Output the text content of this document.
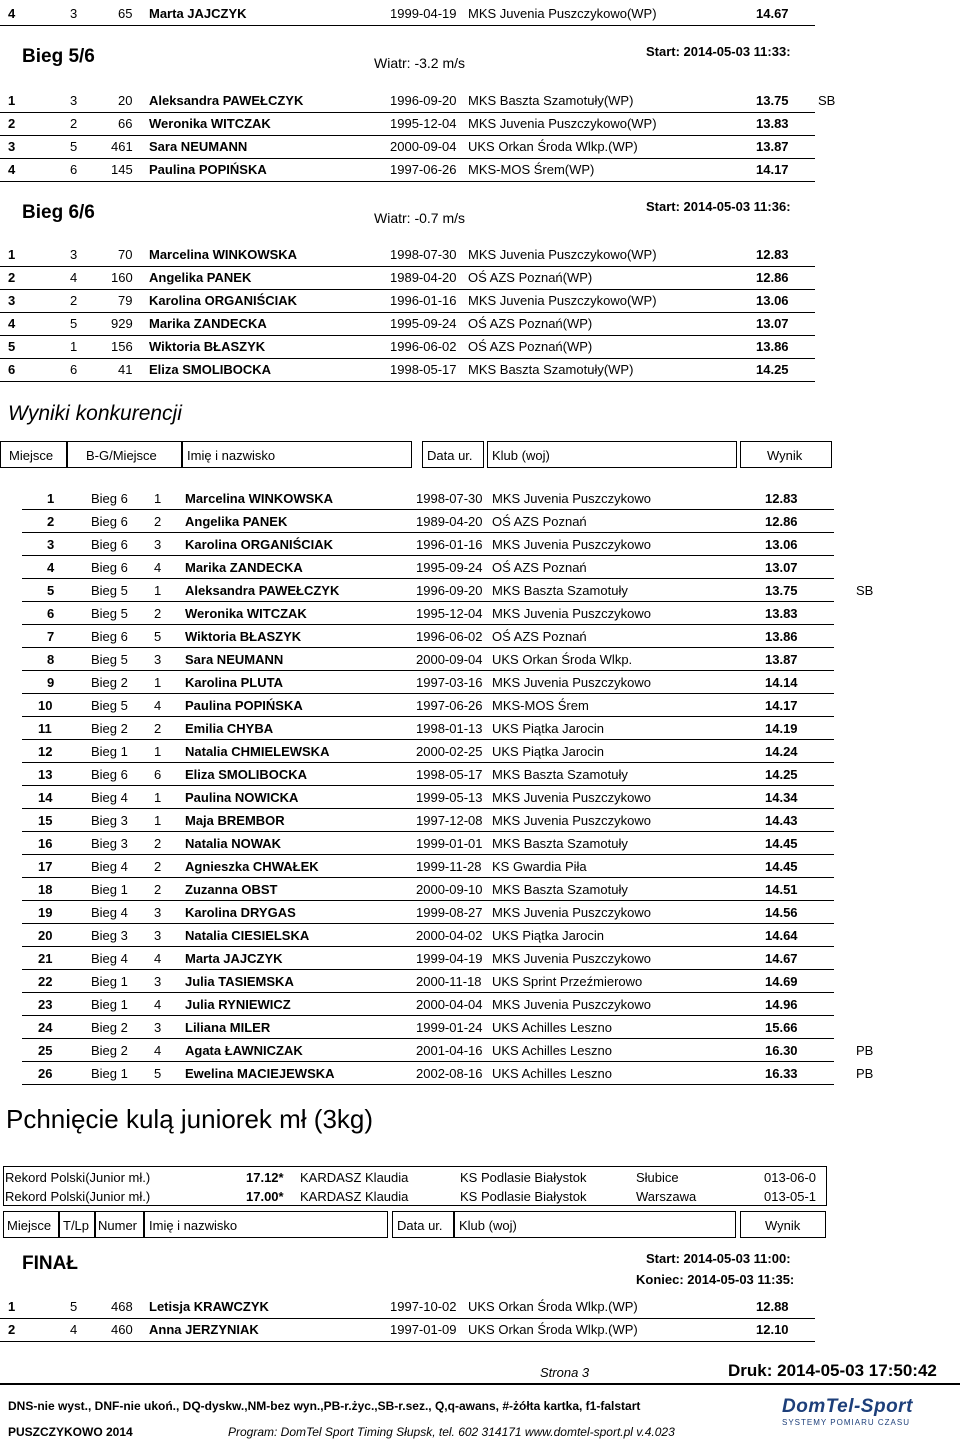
4	3	65 Marta JAJCZYK	1999-04-19 MKS Juvenia Puszczykowo(WP)	14.67
Bieg 5/6	Wiatr: -3.2 m/s
Start: 2014-05-03 11:33:
1	3	20 Aleksandra PAWEŁCZYK	1996-09-20 MKS Baszta Szamotuły(WP)	13.75 SB
2	2	66 Weronika WITCZAK	1995-12-04 MKS Juvenia Puszczykowo(WP)	13.83
3	5	461 Sara NEUMANN	2000-09-04 UKS Orkan Środa Wlkp.(WP)	13.87
4	6	145 Paulina POPIŃSKA	1997-06-26 MKS-MOS Śrem(WP)	14.17
Bieg 6/6	Wiatr: -0.7 m/s
Start: 2014-05-03 11:36:
1	3	70 Marcelina WINKOWSKA	1998-07-30 MKS Juvenia Puszczykowo(WP)	12.83
2	4	160 Angelika PANEK	1989-04-20 OŚ AZS Poznań(WP)	12.86
3	2	79 Karolina ORGANIŚCIAK	1996-01-16 MKS Juvenia Puszczykowo(WP)	13.06
4	5	929 Marika ZANDECKA	1995-09-24 OŚ AZS Poznań(WP)	13.07
5	1	156 Wiktoria BŁASZYK	1996-06-02 OŚ AZS Poznań(WP)	13.86
6	6	41 Eliza SMOLIBOCKA	1998-05-17 MKS Baszta Szamotuły(WP)	14.25
Wyniki konkurencji
Miejsce	B-G/Miejsce Imię i nazwisko	Data ur. Klub (woj)	Wynik
1	Bieg 6 1 Marcelina WINKOWSKA	1998-07-30 MKS Juvenia Puszczykowo	12.83
2	Bieg 6 2 Angelika PANEK	1989-04-20 OŚ AZS Poznań	12.86
3	Bieg 6 3 Karolina ORGANIŚCIAK	1996-01-16 MKS Juvenia Puszczykowo	13.06
4	Bieg 6 4 Marika ZANDECKA	1995-09-24 OŚ AZS Poznań	13.07
5	Bieg 5 1 Aleksandra PAWEŁCZYK	1996-09-20 MKS Baszta Szamotuły	13.75	SB
6	Bieg 5 2 Weronika WITCZAK	1995-12-04 MKS Juvenia Puszczykowo	13.83
7	Bieg 6 5 Wiktoria BŁASZYK	1996-06-02 OŚ AZS Poznań	13.86
8	Bieg 5 3 Sara NEUMANN	2000-09-04 UKS Orkan Środa Wlkp.	13.87
9	Bieg 2 1 Karolina PLUTA	1997-03-16 MKS Juvenia Puszczykowo	14.14
10	Bieg 5 4 Paulina POPIŃSKA	1997-06-26 MKS-MOS Śrem	14.17
11	Bieg 2 2 Emilia CHYBA	1998-01-13 UKS Piątka Jarocin	14.19
12	Bieg 1 1 Natalia CHMIELEWSKA	2000-02-25 UKS Piątka Jarocin	14.24
13	Bieg 6 6 Eliza SMOLIBOCKA	1998-05-17 MKS Baszta Szamotuły	14.25
14	Bieg 4 1 Paulina NOWICKA	1999-05-13 MKS Juvenia Puszczykowo	14.34
15	Bieg 3 1 Maja BREMBOR	1997-12-08 MKS Juvenia Puszczykowo	14.43
16	Bieg 3 2 Natalia NOWAK	1999-01-01 MKS Baszta Szamotuły	14.45
17	Bieg 4 2 Agnieszka CHWAŁEK	1999-11-28 KS Gwardia Piła	14.45
18	Bieg 1 2 Zuzanna OBST	2000-09-10 MKS Baszta Szamotuły	14.51
19	Bieg 4 3 Karolina DRYGAS	1999-08-27 MKS Juvenia Puszczykowo	14.56
20	Bieg 3 3 Natalia CIESIELSKA	2000-04-02 UKS Piątka Jarocin	14.64
21	Bieg 4 4 Marta JAJCZYK	1999-04-19 MKS Juvenia Puszczykowo	14.67
22	Bieg 1 3 Julia TASIEMSKA	2000-11-18 UKS Sprint Przeźmierowo	14.69
23	Bieg 1 4 Julia RYNIEWICZ	2000-04-04 MKS Juvenia Puszczykowo	14.96
24	Bieg 2 3 Liliana MILER	1999-01-24 UKS Achilles Leszno	15.66
25	Bieg 2 4 Agata ŁAWNICZAK	2001-04-16 UKS Achilles Leszno	16.30	PB
26	Bieg 1 5 Ewelina MACIEJEWSKA	2002-08-16 UKS Achilles Leszno	16.33	PB
Pchnięcie kulą juniorek mł (3kg)
Rekord Polski(Junior mł.)	17.12* KARDASZ Klaudia	KS Podlasie Białystok	Słubice	013-06-0
Rekord Polski(Junior mł.)	17.00* KARDASZ Klaudia	KS Podlasie Białystok	Warszawa	013-05-1
Miejsce T/Lp Numer Imię i nazwisko	Data ur. Klub (woj)	Wynik
FINAŁ	Start: 2014-05-03 11:00:
Koniec: 2014-05-03 11:35:
1	5	468 Letisja KRAWCZYK	1997-10-02 UKS Orkan Środa Wlkp.(WP)	12.88
2	4	460 Anna JERZYNIAK	1997-01-09 UKS Orkan Środa Wlkp.(WP)	12.10
Strona 3	Druk: 2014-05-03 17:50:42
DNS-nie wyst., DNF-nie ukoń., DQ-dyskw.,NM-bez wyn.,PB-r.życ.,SB-r.sez., Q,q-awans, #-żółta kartka, f1-falstart
PUSZCZYKOWO 2014	Program: DomTel Sport Timing Słupsk, tel. 602 314171 www.domtel-sport.pl v.4.023
DomTel-Sport
SYSTEMY POMIARU CZASU
